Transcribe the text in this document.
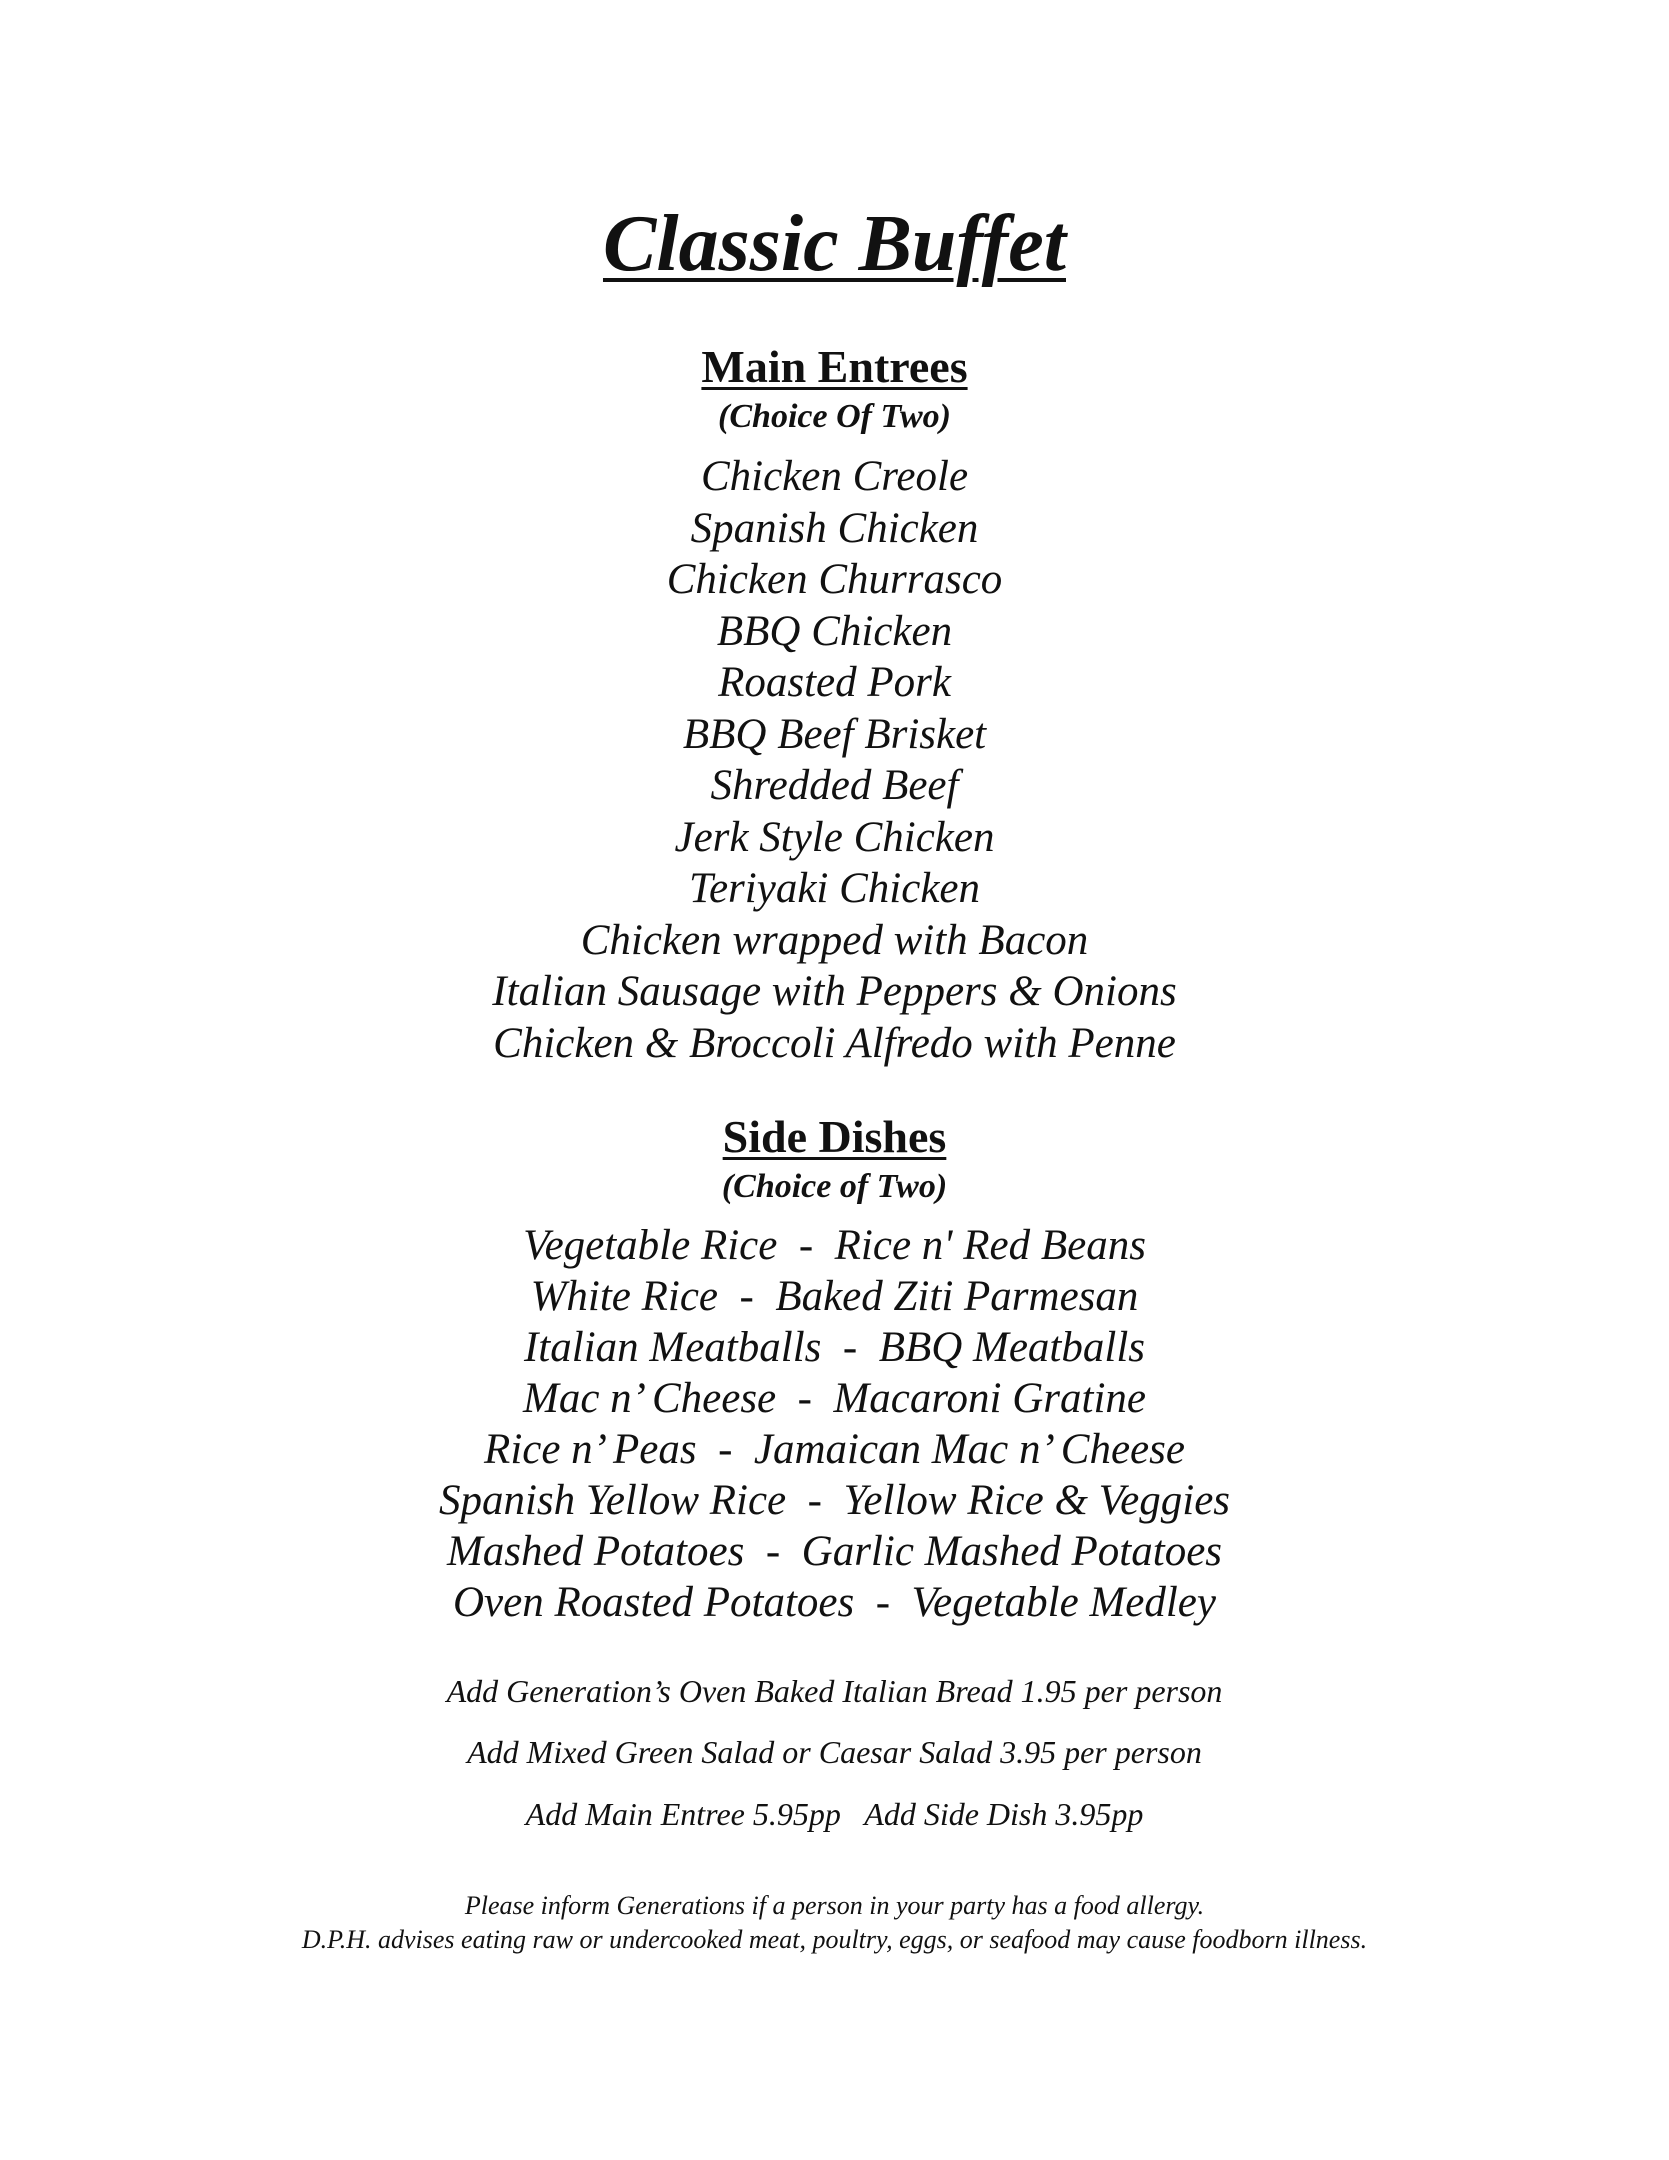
Classic Buffet
Main Entrees
(Choice Of Two)
Chicken Creole
Spanish Chicken
Chicken Churrasco
BBQ Chicken
Roasted Pork
BBQ Beef Brisket
Shredded Beef
Jerk Style Chicken
Teriyaki Chicken
Chicken wrapped with Bacon
Italian Sausage with Peppers & Onions
Chicken & Broccoli Alfredo with Penne
Side Dishes
(Choice of Two)
Vegetable Rice  -  Rice n' Red Beans
White Rice  -  Baked Ziti Parmesan
Italian Meatballs  -  BBQ Meatballs
Mac n’ Cheese  -  Macaroni Gratine
Rice n’ Peas  -  Jamaican Mac n’ Cheese
Spanish Yellow Rice  -  Yellow Rice & Veggies
Mashed Potatoes  -  Garlic Mashed Potatoes
Oven Roasted Potatoes  -  Vegetable Medley
Add Generation’s Oven Baked Italian Bread 1.95 per person
Add Mixed Green Salad or Caesar Salad 3.95 per person
Add Main Entree 5.95pp   Add Side Dish 3.95pp
Please inform Generations if a person in your party has a food allergy.
D.P.H. advises eating raw or undercooked meat, poultry, eggs, or seafood may cause foodborn illness.
